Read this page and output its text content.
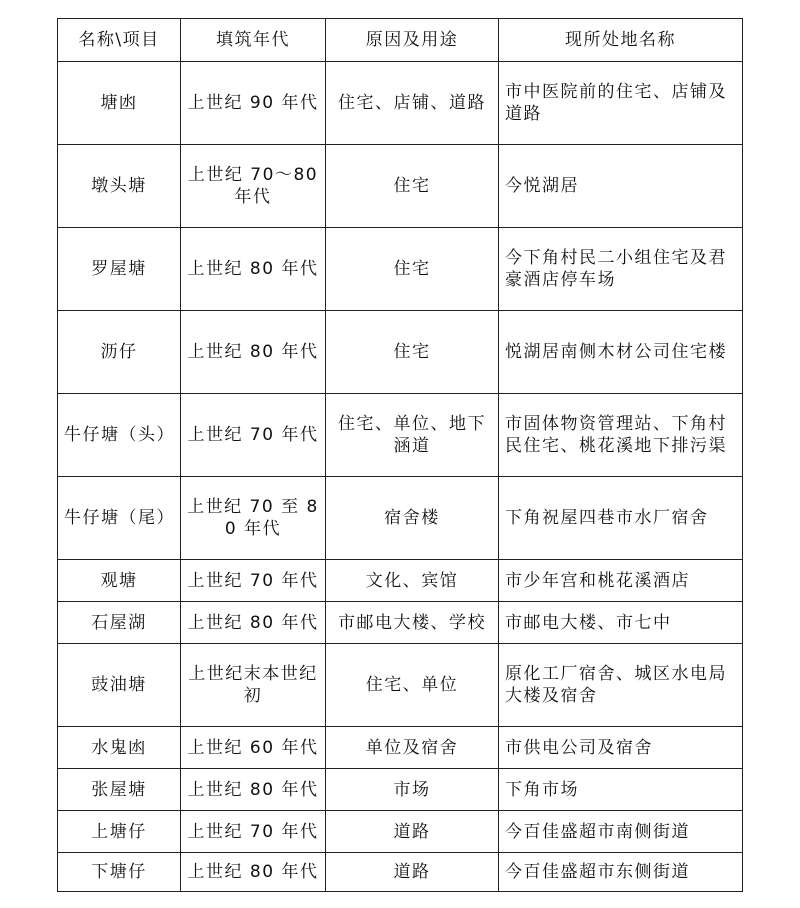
名称\项目	填筑年代	原因及用途	现所处地名称
塘凼	上世纪 90 年代	住宅、店铺、道路	市中医院前的住宅、店铺及道路
墩头塘	上世纪 70～80 年代	住宅	今悦湖居
罗屋塘	上世纪 80 年代	住宅	今下角村民二小组住宅及君豪酒店停车场
沥仔	上世纪 80 年代	住宅	悦湖居南侧木材公司住宅楼
牛仔塘（头）	上世纪 70 年代	住宅、单位、地下涵道	市固体物资管理站、下角村民住宅、桃花溪地下排污渠
牛仔塘（尾）	上世纪 70 至 80 年代	宿舍楼	下角祝屋四巷市水厂宿舍
观塘	上世纪 70 年代	文化、宾馆	市少年宫和桃花溪酒店
石屋湖	上世纪 80 年代	市邮电大楼、学校	市邮电大楼、市七中
豉油塘	上世纪末本世纪初	住宅、单位	原化工厂宿舍、城区水电局大楼及宿舍
水鬼凼	上世纪 60 年代	单位及宿舍	市供电公司及宿舍
张屋塘	上世纪 80 年代	市场	下角市场
上塘仔	上世纪 70 年代	道路	今百佳盛超市南侧街道
下塘仔	上世纪 80 年代	道路	今百佳盛超市东侧街道
